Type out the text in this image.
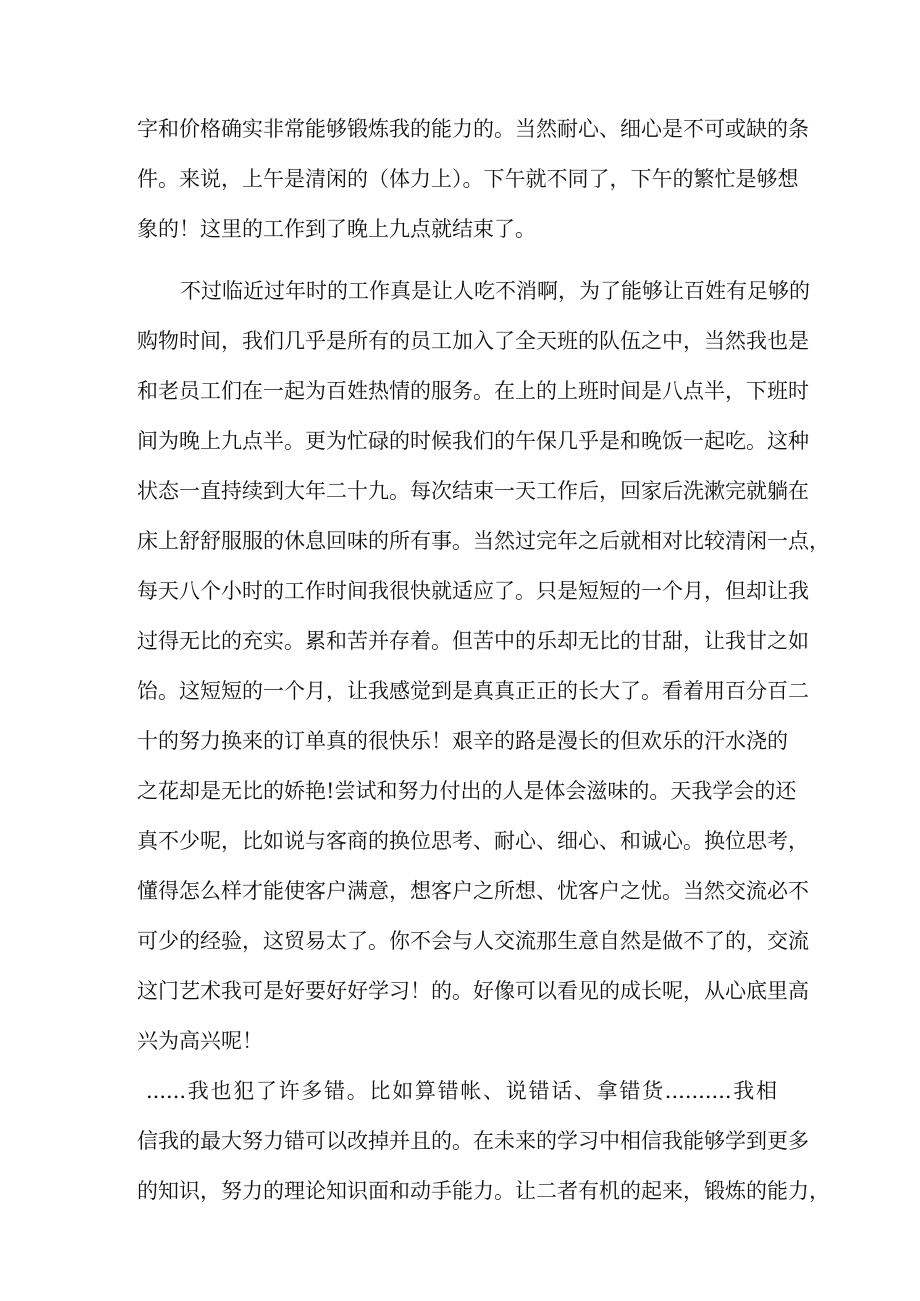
字和价格确实非常能够锻炼我的能力的。当然耐心、细心是不可或缺的条
件。来说，上午是清闲的（体力上）。下午就不同了，下午的繁忙是够想
象的！这里的工作到了晚上九点就结束了。
不过临近过年时的工作真是让人吃不消啊，为了能够让百姓有足够的
购物时间，我们几乎是所有的员工加入了全天班的队伍之中，当然我也是
和老员工们在一起为百姓热情的服务。在上的上班时间是八点半，下班时
间为晚上九点半。更为忙碌的时候我们的午保几乎是和晚饭一起吃。这种
状态一直持续到大年二十九。每次结束一天工作后，回家后洗漱完就躺在
床上舒舒服服的休息回味的所有事。当然过完年之后就相对比较清闲一点，
每天八个小时的工作时间我很快就适应了。只是短短的一个月，但却让我
过得无比的充实。累和苦并存着。但苦中的乐却无比的甘甜，让我甘之如
饴。这短短的一个月，让我感觉到是真真正正的长大了。看着用百分百二
十的努力换来的订单真的很快乐！艰辛的路是漫长的但欢乐的汗水浇的
之花却是无比的娇艳!尝试和努力付出的人是体会滋味的。天我学会的还
真不少呢，比如说与客商的换位思考、耐心、细心、和诚心。换位思考，
懂得怎么样才能使客户满意，想客户之所想、忧客户之忧。当然交流必不
可少的经验，这贸易太了。你不会与人交流那生意自然是做不了的，交流
这门艺术我可是好要好好学习！的。好像可以看见的成长呢，从心底里高
兴为高兴呢！
......我也犯了许多错。比如算错帐、说错话、拿错货..........我相
信我的最大努力错可以改掉并且的。在未来的学习中相信我能够学到更多
的知识，努力的理论知识面和动手能力。让二者有机的起来，锻炼的能力，
